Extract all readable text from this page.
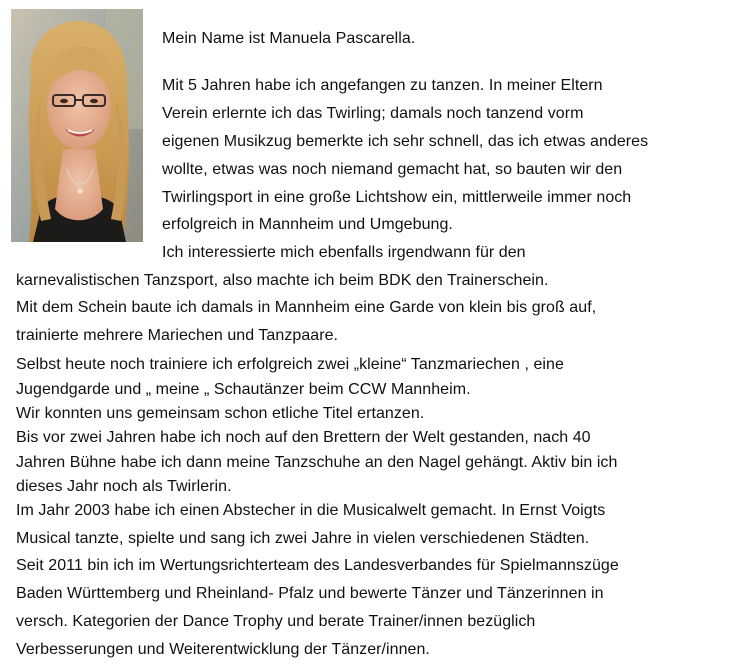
Mein Name ist Manuela Pascarella.
Mit 5 Jahren habe ich angefangen zu tanzen. In meiner Eltern
Verein erlernte ich das Twirling; damals noch tanzend vorm
eigenen Musikzug bemerkte ich sehr schnell, das ich etwas anderes
wollte, etwas was noch niemand gemacht hat, so bauten wir den
Twirlingsport in eine große Lichtshow ein, mittlerweile immer noch
erfolgreich in Mannheim und Umgebung.
Ich interessierte mich ebenfalls irgendwann für den
karnevalistischen Tanzsport, also machte ich beim BDK den Trainerschein.
Mit dem Schein baute ich damals in Mannheim eine Garde von klein bis groß auf,
trainierte mehrere Mariechen und Tanzpaare.
Selbst heute noch trainiere ich erfolgreich zwei „kleine“ Tanzmariechen , eine
Jugendgarde und „ meine „ Schautänzer beim CCW Mannheim.
Wir konnten uns gemeinsam schon etliche Titel ertanzen.
Bis vor zwei Jahren habe ich noch auf den Brettern der Welt gestanden, nach 40
Jahren Bühne habe ich dann meine Tanzschuhe an den Nagel gehängt. Aktiv bin ich
dieses Jahr noch als Twirlerin.
Im Jahr 2003 habe ich einen Abstecher in die Musicalwelt gemacht. In Ernst Voigts
Musical tanzte, spielte und sang ich zwei Jahre in vielen verschiedenen Städten.
Seit 2011 bin ich im Wertungsrichterteam des Landesverbandes für Spielmannszüge
Baden Württemberg und Rheinland- Pfalz und bewerte Tänzer und Tänzerinnen in
versch. Kategorien der Dance Trophy und berate Trainer/innen bezüglich
Verbesserungen und Weiterentwicklung der Tänzer/innen.
